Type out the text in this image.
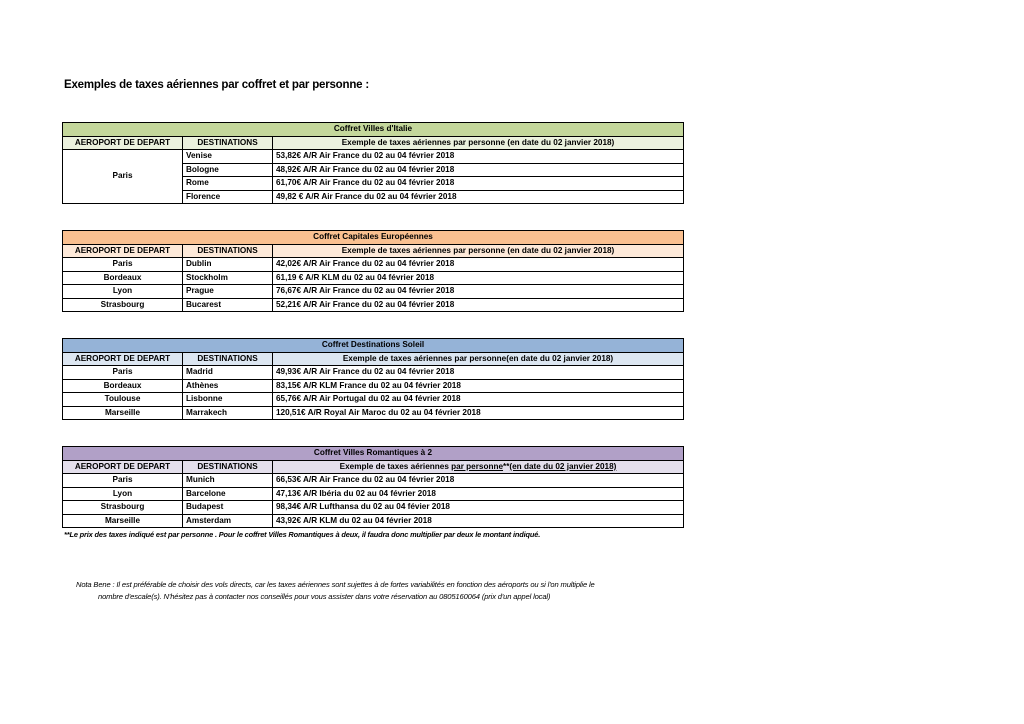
Exemples de taxes aériennes par coffret et par personne :
Coffret Villes d'Italie		
AEROPORT DE DEPART	DESTINATIONS	Exemple de taxes aériennes par personne (en date du 02 janvier 2018)
Paris	Venise	53,82€ A/R Air France du 02 au 04 février 2018
	Bologne	48,92€ A/R Air France du 02 au 04 février 2018
	Rome	61,70€ A/R Air France du 02 au 04 février 2018
	Florence	49,82 € A/R Air France du 02 au 04 février 2018
Coffret Capitales Européennes		
AEROPORT DE DEPART	DESTINATIONS	Exemple de taxes aériennes par personne (en date du 02 janvier 2018)
Paris	Dublin	42,02€ A/R Air France du 02 au 04 février 2018
Bordeaux	Stockholm	61,19 € A/R KLM du 02 au 04 février 2018
Lyon	Prague	76,67€ A/R Air France du 02 au 04 février 2018
Strasbourg	Bucarest	52,21€ A/R Air France du 02 au 04 février 2018
Coffret Destinations Soleil		
AEROPORT DE DEPART	DESTINATIONS	Exemple de taxes aériennes par personne(en date du 02 janvier 2018)
Paris	Madrid	49,93€ A/R Air France du 02 au 04 février 2018
Bordeaux	Athènes	83,15€ A/R KLM France du 02 au 04 février 2018
Toulouse	Lisbonne	65,76€ A/R Air Portugal du 02 au 04 février 2018
Marseille	Marrakech	120,51€ A/R Royal Air Maroc du 02 au 04 février 2018
Coffret Villes Romantiques à 2		
AEROPORT DE DEPART	DESTINATIONS	Exemple de taxes aériennes par personne**(en date du 02 janvier 2018)
Paris	Munich	66,53€ A/R Air France du 02 au 04 février 2018
Lyon	Barcelone	47,13€ A/R Ibéria du 02 au 04 février 2018
Strasbourg	Budapest	98,34€ A/R Lufthansa du 02 au 04 févier 2018
Marseille	Amsterdam	43,92€ A/R KLM du 02 au 04 février 2018
**Le prix des taxes indiqué est par personne . Pour le coffret Villes Romantiques à deux, il faudra donc multiplier par deux le montant indiqué.
Nota Bene : Il est préférable de choisir des vols directs, car les taxes aériennes sont sujettes à de fortes variabilités en fonction des aéroports ou si l'on multiplie le
nombre d'escale(s). N'hésitez pas à contacter nos conseillés pour vous assister dans votre réservation au 0805160064 (prix d'un appel local)
